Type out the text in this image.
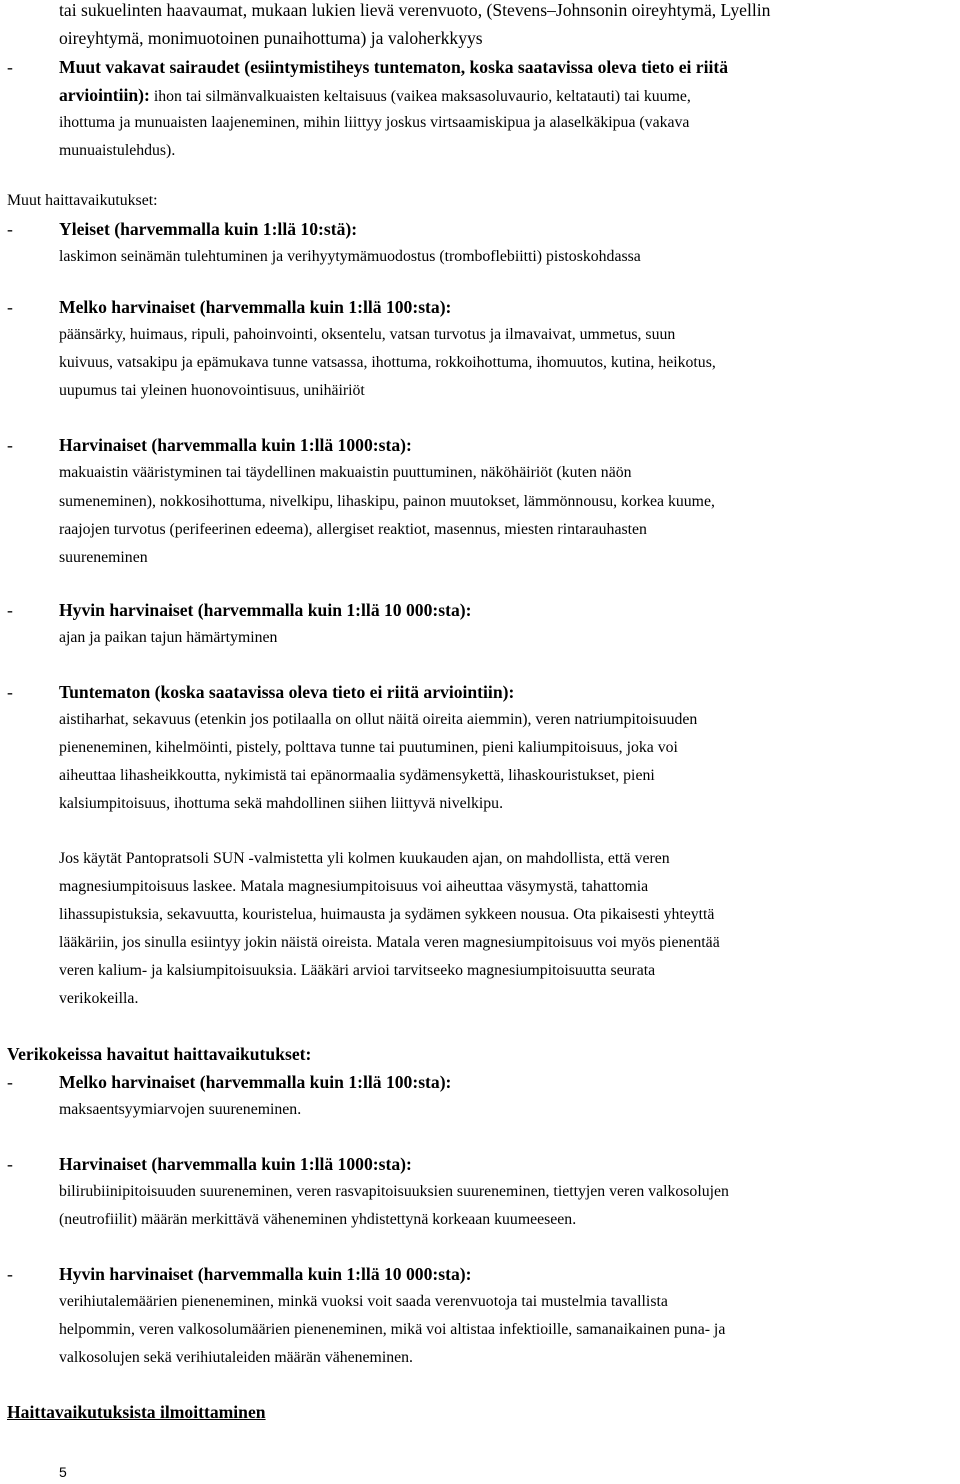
tai sukuelinten haavaumat, mukaan lukien lievä verenvuoto, (Stevens–Johnsonin oireyhtymä, Lyellin
oireyhtymä, monimuotoinen punaihottuma) ja valoherkkyys
-	Muut vakavat sairaudet (esiintymistiheys tuntematon, koska saatavissa oleva tieto ei riitä
arviointiin): ihon tai silmänvalkuaisten keltaisuus (vaikea maksasoluvaurio, keltatauti) tai kuume,
ihottuma ja munuaisten laajeneminen, mihin liittyy joskus virtsaamiskipua ja alaselkäkipua (vakava
munuaistulehdus).
Muut haittavaikutukset:
-	Yleiset (harvemmalla kuin 1:llä 10:stä):
laskimon seinämän tulehtuminen ja verihyytymämuodostus (tromboflebiitti) pistoskohdassa
-	Melko harvinaiset (harvemmalla kuin 1:llä 100:sta):
päänsärky, huimaus, ripuli, pahoinvointi, oksentelu, vatsan turvotus ja ilmavaivat, ummetus, suun
kuivuus, vatsakipu ja epämukava tunne vatsassa, ihottuma, rokkoihottuma, ihomuutos, kutina, heikotus,
uupumus tai yleinen huonovointisuus, unihäiriöt
-	Harvinaiset (harvemmalla kuin 1:llä 1000:sta):
makuaistin vääristyminen tai täydellinen makuaistin puuttuminen, näköhäiriöt (kuten näön
sumeneminen), nokkosihottuma, nivelkipu, lihaskipu, painon muutokset, lämmönnousu, korkea kuume,
raajojen turvotus (perifeerinen edeema), allergiset reaktiot, masennus, miesten rintarauhasten
suureneminen
-	Hyvin harvinaiset (harvemmalla kuin 1:llä 10 000:sta):
ajan ja paikan tajun hämärtyminen
-	Tuntematon (koska saatavissa oleva tieto ei riitä arviointiin):
aistiharhat, sekavuus (etenkin jos potilaalla on ollut näitä oireita aiemmin), veren natriumpitoisuuden
pieneneminen, kihelmöinti, pistely, polttava tunne tai puutuminen, pieni kaliumpitoisuus, joka voi
aiheuttaa lihasheikkoutta, nykimistä tai epänormaalia sydämensykettä, lihaskouristukset, pieni
kalsiumpitoisuus, ihottuma sekä mahdollinen siihen liittyvä nivelkipu.
Jos käytät Pantopratsoli SUN -valmistetta yli kolmen kuukauden ajan, on mahdollista, että veren
magnesiumpitoisuus laskee. Matala magnesiumpitoisuus voi aiheuttaa väsymystä, tahattomia
lihassupistuksia, sekavuutta, kouristelua, huimausta ja sydämen sykkeen nousua. Ota pikaisesti yhteyttä
lääkäriin, jos sinulla esiintyy jokin näistä oireista. Matala veren magnesiumpitoisuus voi myös pienentää
veren kalium- ja kalsiumpitoisuuksia. Lääkäri arvioi tarvitseeko magnesiumpitoisuutta seurata
verikokeilla.
Verikokeissa havaitut haittavaikutukset:
-	Melko harvinaiset (harvemmalla kuin 1:llä 100:sta):
maksaentsyymiarvojen suureneminen.
-	Harvinaiset (harvemmalla kuin 1:llä 1000:sta):
bilirubiinipitoisuuden suureneminen, veren rasvapitoisuuksien suureneminen, tiettyjen veren valkosolujen
(neutrofiilit) määrän merkittävä väheneminen yhdistettynä korkeaan kuumeeseen.
-	Hyvin harvinaiset (harvemmalla kuin 1:llä 10 000:sta):
verihiutalemäärien pieneneminen, minkä vuoksi voit saada verenvuotoja tai mustelmia tavallista
helpommin, veren valkosolumäärien pieneneminen, mikä voi altistaa infektioille, samanaikainen puna- ja
valkosolujen sekä verihiutaleiden määrän väheneminen.
Haittavaikutuksista ilmoittaminen
5
